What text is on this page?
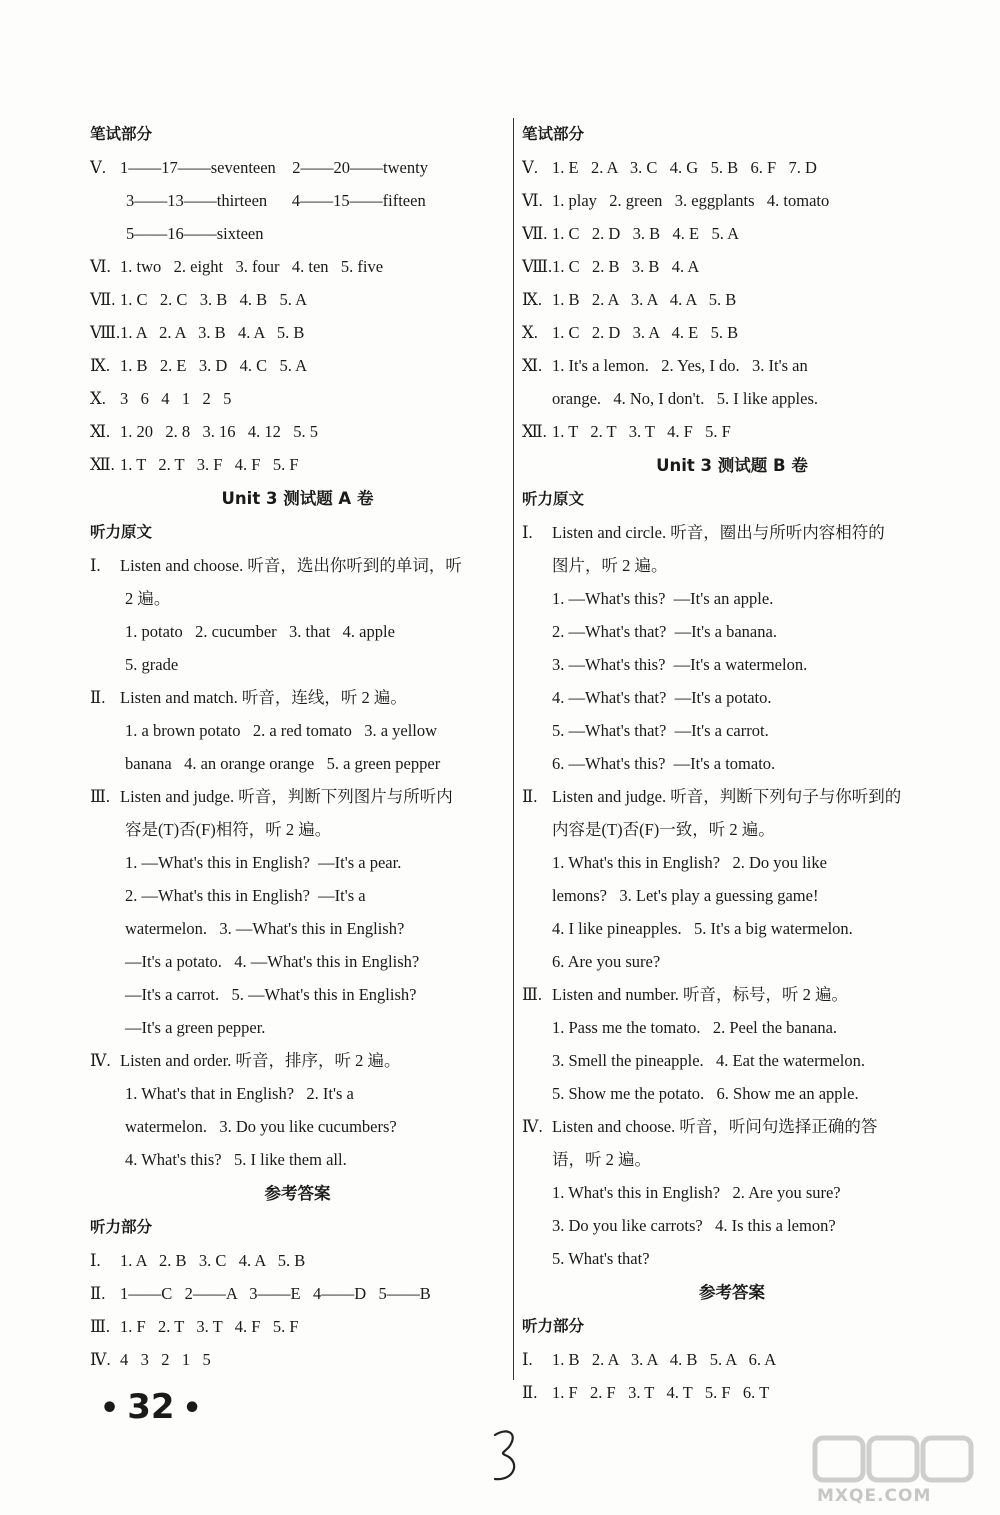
笔试部分
Ⅴ. 1——17——seventeen    2——20——twenty
3——13——thirteen      4——15——fifteen
5——16——sixteen
Ⅵ. 1. two   2. eight   3. four   4. ten   5. five
Ⅶ. 1. C   2. C   3. B   4. B   5. A
Ⅷ.1. A   2. A   3. B   4. A   5. B
Ⅸ. 1. B   2. E   3. D   4. C   5. A
Ⅹ. 3   6   4   1   2   5
Ⅺ. 1. 20   2. 8   3. 16   4. 12   5. 5
Ⅻ. 1. T   2. T   3. F   4. F   5. F
Unit 3 测试题 A 卷
听力原文
Ⅰ. Listen and choose. 听音，选出你听到的单词，听
2 遍。
1. potato   2. cucumber   3. that   4. apple
5. grade
Ⅱ. Listen and match. 听音，连线，听 2 遍。
1. a brown potato   2. a red tomato   3. a yellow
banana   4. an orange orange   5. a green pepper
Ⅲ. Listen and judge. 听音，判断下列图片与所听内
容是(T)否(F)相符，听 2 遍。
1. —What's this in English?  —It's a pear.
2. —What's this in English?  —It's a
watermelon.   3. —What's this in English?
—It's a potato.   4. —What's this in English?
—It's a carrot.   5. —What's this in English?
—It's a green pepper.
Ⅳ. Listen and order. 听音，排序，听 2 遍。
1. What's that in English?   2. It's a
watermelon.   3. Do you like cucumbers?
4. What's this?   5. I like them all.
参考答案
听力部分
Ⅰ. 1. A   2. B   3. C   4. A   5. B
Ⅱ. 1——C   2——A   3——E   4——D   5——B
Ⅲ. 1. F   2. T   3. T   4. F   5. F
Ⅳ. 4   3   2   1   5
笔试部分
Ⅴ. 1. E   2. A   3. C   4. G   5. B   6. F   7. D
Ⅵ. 1. play   2. green   3. eggplants   4. tomato
Ⅶ. 1. C   2. D   3. B   4. E   5. A
Ⅷ.1. C   2. B   3. B   4. A
Ⅸ. 1. B   2. A   3. A   4. A   5. B
Ⅹ. 1. C   2. D   3. A   4. E   5. B
Ⅺ. 1. It's a lemon.   2. Yes, I do.   3. It's an
orange.   4. No, I don't.   5. I like apples.
Ⅻ. 1. T   2. T   3. T   4. F   5. F
Unit 3 测试题 B 卷
听力原文
Ⅰ. Listen and circle. 听音，圈出与所听内容相符的
图片，听 2 遍。
1. —What's this?  —It's an apple.
2. —What's that?  —It's a banana.
3. —What's this?  —It's a watermelon.
4. —What's that?  —It's a potato.
5. —What's that?  —It's a carrot.
6. —What's this?  —It's a tomato.
Ⅱ. Listen and judge. 听音，判断下列句子与你听到的
内容是(T)否(F)一致，听 2 遍。
1. What's this in English?   2. Do you like
lemons?   3. Let's play a guessing game!
4. I like pineapples.   5. It's a big watermelon.
6. Are you sure?
Ⅲ. Listen and number. 听音，标号，听 2 遍。
1. Pass me the tomato.   2. Peel the banana.
3. Smell the pineapple.   4. Eat the watermelon.
5. Show me the potato.   6. Show me an apple.
Ⅳ. Listen and choose. 听音，听问句选择正确的答
语，听 2 遍。
1. What's this in English?   2. Are you sure?
3. Do you like carrots?   4. Is this a lemon?
5. What's that?
参考答案
听力部分
Ⅰ. 1. B   2. A   3. A   4. B   5. A   6. A
Ⅱ. 1. F   2. F   3. T   4. T   5. F   6. T
• 32 •
MXQE.COM
